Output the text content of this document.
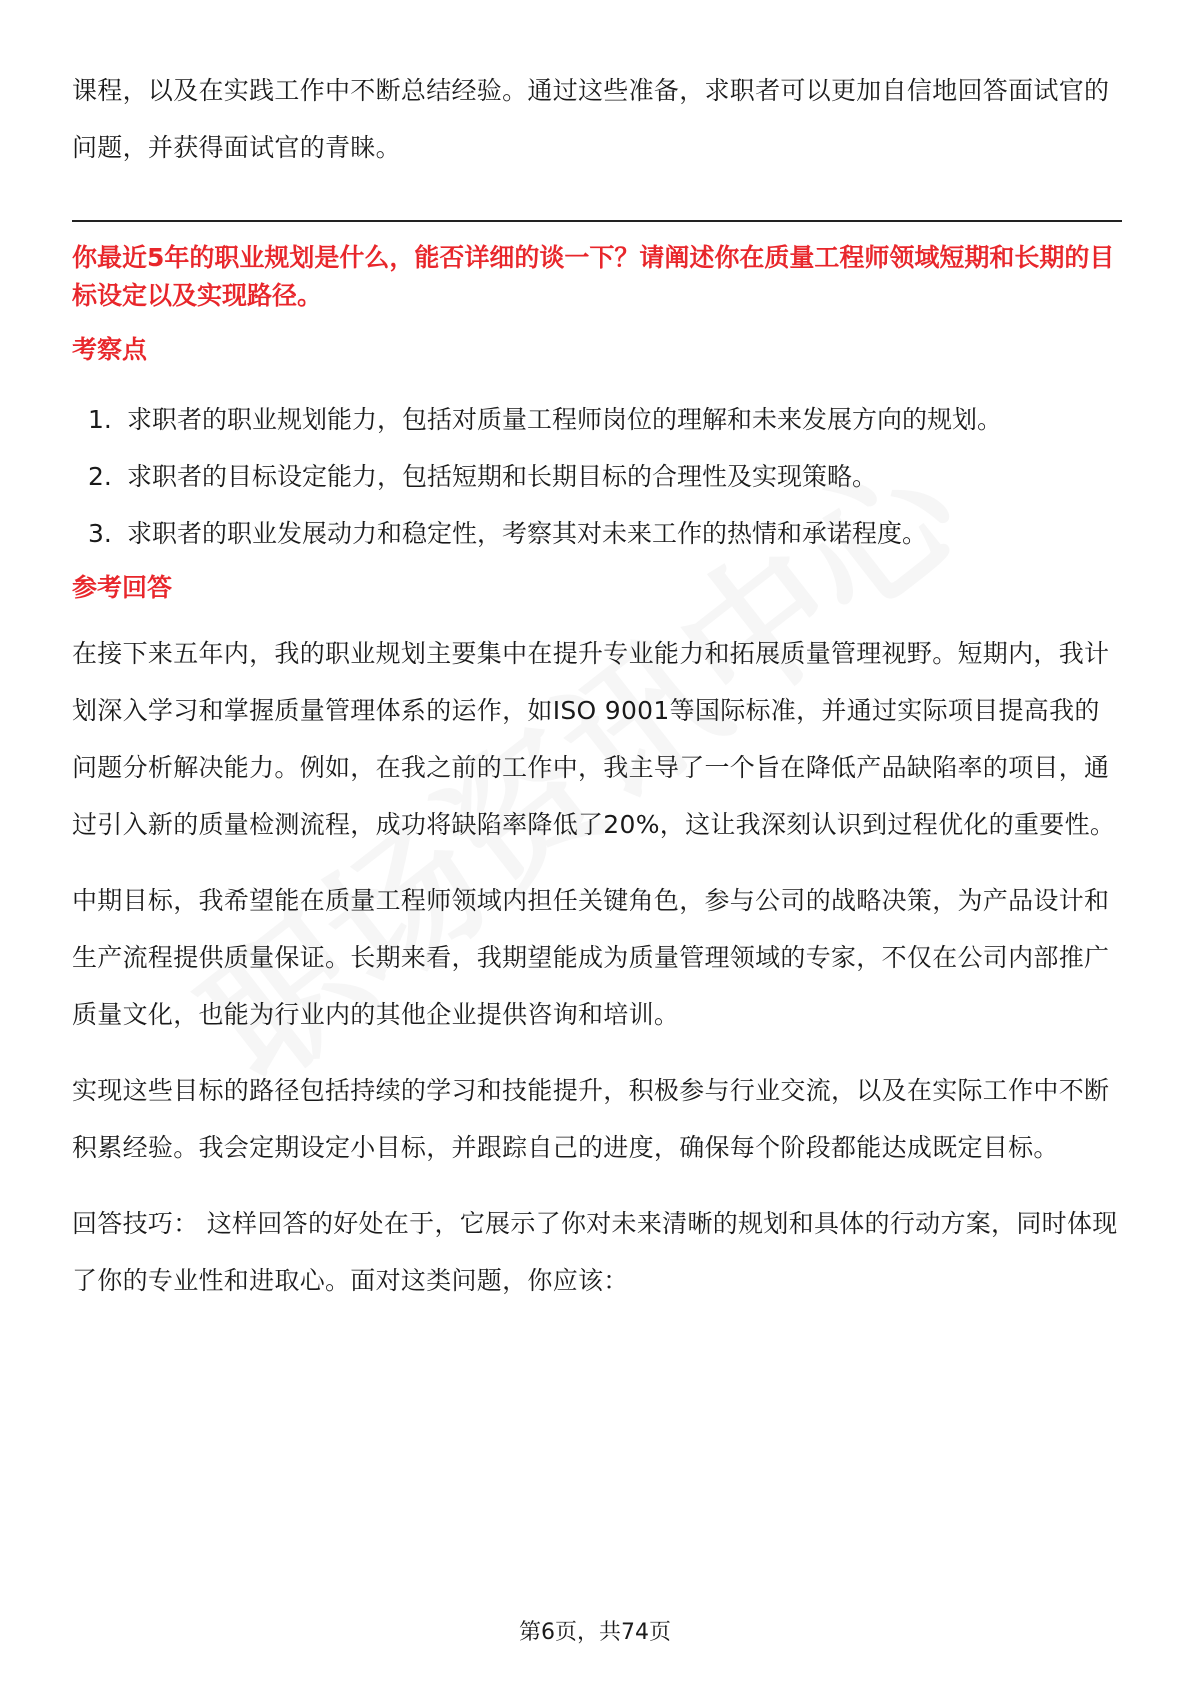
课程，以及在实践工作中不断总结经验。通过这些准备，求职者可以更加自信地回答面试官的问题，并获得面试官的青睐。

你最近5年的职业规划是什么，能否详细的谈一下？请阐述你在质量工程师领域短期和长期的目标设定以及实现路径。

考察点
1. 求职者的职业规划能力，包括对质量工程师岗位的理解和未来发展方向的规划。
2. 求职者的目标设定能力，包括短期和长期目标的合理性及实现策略。
3. 求职者的职业发展动力和稳定性，考察其对未来工作的热情和承诺程度。
参考回答

在接下来五年内，我的职业规划主要集中在提升专业能力和拓展质量管理视野。短期内，我计划深入学习和掌握质量管理体系的运作，如ISO 9001等国际标准，并通过实际项目提高我的问题分析解决能力。例如，在我之前的工作中，我主导了一个旨在降低产品缺陷率的项目，通过引入新的质量检测流程，成功将缺陷率降低了20%，这让我深刻认识到过程优化的重要性。

中期目标，我希望能在质量工程师领域内担任关键角色，参与公司的战略决策，为产品设计和生产流程提供质量保证。长期来看，我期望能成为质量管理领域的专家，不仅在公司内部推广质量文化，也能为行业内的其他企业提供咨询和培训。

实现这些目标的路径包括持续的学习和技能提升，积极参与行业交流，以及在实际工作中不断积累经验。我会定期设定小目标，并跟踪自己的进度，确保每个阶段都能达成既定目标。

回答技巧： 这样回答的好处在于，它展示了你对未来清晰的规划和具体的行动方案，同时体现了你的专业性和进取心。面对这类问题，你应该：

第6页，共74页
